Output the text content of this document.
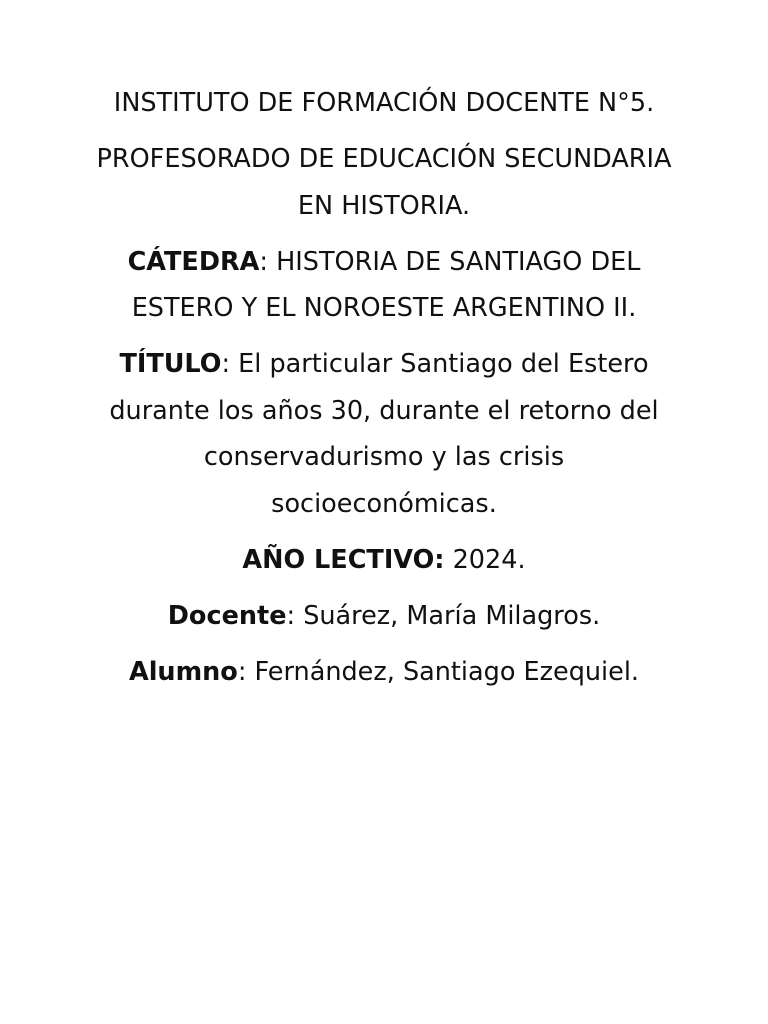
INSTITUTO DE FORMACIÓN DOCENTE N°5.

PROFESORADO DE EDUCACIÓN SECUNDARIA EN HISTORIA.

CÁTEDRA: HISTORIA DE SANTIAGO DEL ESTERO Y EL NOROESTE ARGENTINO II.

TÍTULO: El particular Santiago del Estero durante los años 30, durante el retorno del conservadurismo y las crisis socioeconómicas.

AÑO LECTIVO: 2024.

Docente: Suárez, María Milagros.

Alumno: Fernández, Santiago Ezequiel.
